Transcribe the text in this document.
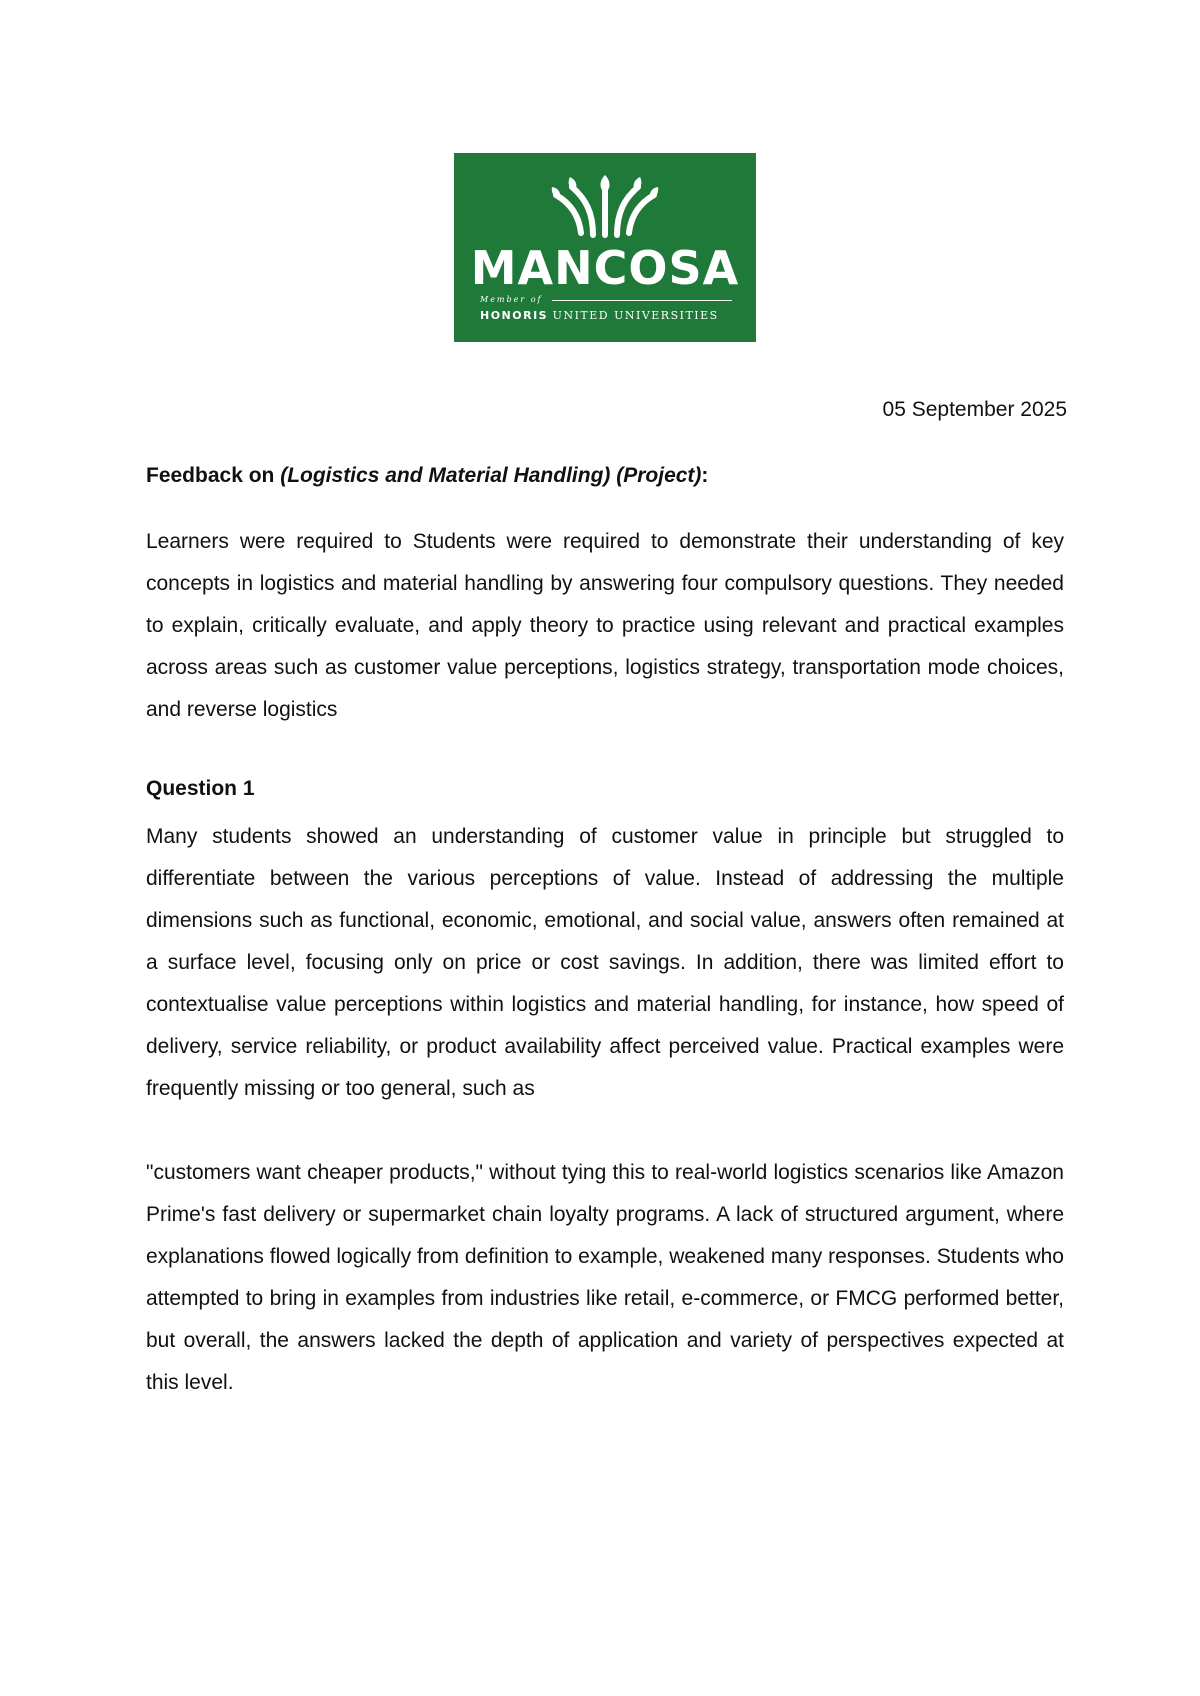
MANCOSA
Member of
HONORIS UNITED UNIVERSITIES
05 September 2025
Feedback on (Logistics and Material Handling) (Project):

Learners were required to Students were required to demonstrate their understanding of key concepts in logistics and material handling by answering four compulsory questions. They needed to explain, critically evaluate, and apply theory to practice using relevant and practical examples across areas such as customer value perceptions, logistics strategy, transportation mode choices, and reverse logistics

Question 1

Many students showed an understanding of customer value in principle but struggled to differentiate between the various perceptions of value. Instead of addressing the multiple dimensions such as functional, economic, emotional, and social value, answers often remained at a surface level, focusing only on price or cost savings. In addition, there was limited effort to contextualise value perceptions within logistics and material handling, for instance, how speed of delivery, service reliability, or product availability affect perceived value. Practical examples were frequently missing or too general, such as

"customers want cheaper products," without tying this to real-world logistics scenarios like Amazon Prime's fast delivery or supermarket chain loyalty programs. A lack of structured argument, where explanations flowed logically from definition to example, weakened many responses. Students who attempted to bring in examples from industries like retail, e-commerce, or FMCG performed better, but overall, the answers lacked the depth of application and variety of perspectives expected at this level.
